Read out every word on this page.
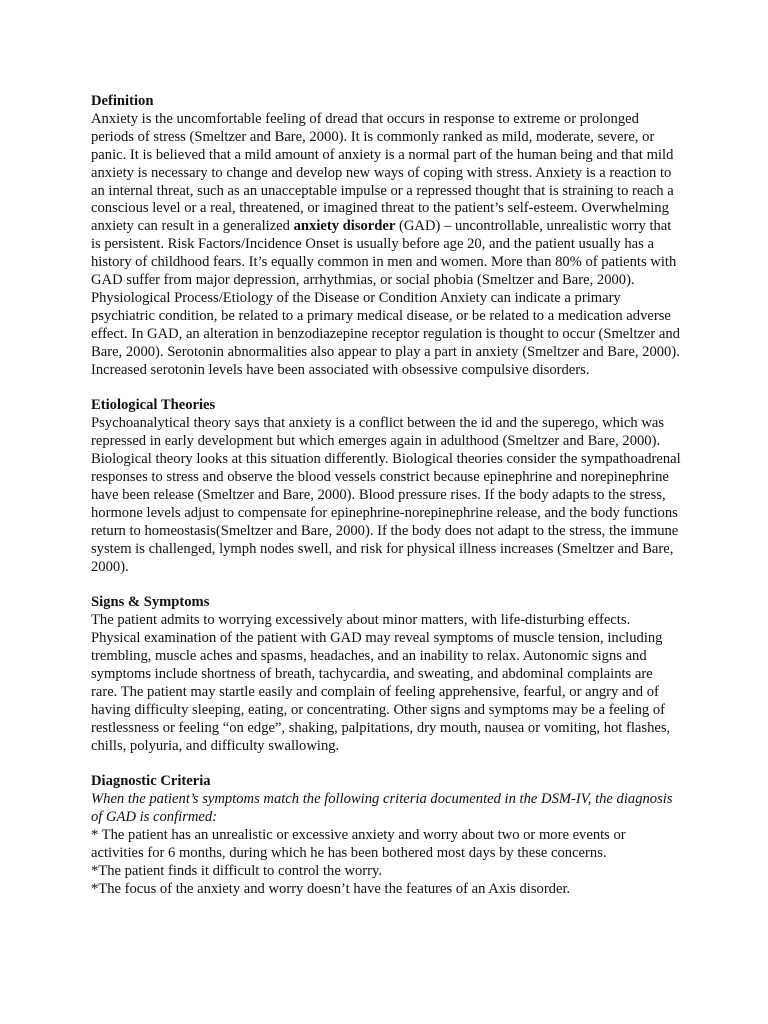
Definition
Anxiety is the uncomfortable feeling of dread that occurs in response to extreme or prolonged periods of stress (Smeltzer and Bare, 2000). It is commonly ranked as mild, moderate, severe, or panic. It is believed that a mild amount of anxiety is a normal part of the human being and that mild anxiety is necessary to change and develop new ways of coping with stress. Anxiety is a reaction to an internal threat, such as an unacceptable impulse or a repressed thought that is straining to reach a conscious level or a real, threatened, or imagined threat to the patient’s self-esteem. Overwhelming anxiety can result in a generalized anxiety disorder (GAD) – uncontrollable, unrealistic worry that is persistent. Risk Factors/Incidence Onset is usually before age 20, and the patient usually has a history of childhood fears. It’s equally common in men and women. More than 80% of patients with GAD suffer from major depression, arrhythmias, or social phobia (Smeltzer and Bare, 2000). Physiological Process/Etiology of the Disease or Condition Anxiety can indicate a primary psychiatric condition, be related to a primary medical disease, or be related to a medication adverse effect. In GAD, an alteration in benzodiazepine receptor regulation is thought to occur (Smeltzer and Bare, 2000). Serotonin abnormalities also appear to play a part in anxiety (Smeltzer and Bare, 2000). Increased serotonin levels have been associated with obsessive compulsive disorders.
Etiological Theories
Psychoanalytical theory says that anxiety is a conflict between the id and the superego, which was repressed in early development but which emerges again in adulthood (Smeltzer and Bare, 2000). Biological theory looks at this situation differently. Biological theories consider the sympathoadrenal responses to stress and observe the blood vessels constrict because epinephrine and norepinephrine have been release (Smeltzer and Bare, 2000). Blood pressure rises. If the body adapts to the stress, hormone levels adjust to compensate for epinephrine-norepinephrine release, and the body functions return to homeostasis(Smeltzer and Bare, 2000). If the body does not adapt to the stress, the immune system is challenged, lymph nodes swell, and risk for physical illness increases (Smeltzer and Bare, 2000).
Signs & Symptoms
The patient admits to worrying excessively about minor matters, with life-disturbing effects. Physical examination of the patient with GAD may reveal symptoms of muscle tension, including trembling, muscle aches and spasms, headaches, and an inability to relax. Autonomic signs and symptoms include shortness of breath, tachycardia, and sweating, and abdominal complaints are rare. The patient may startle easily and complain of feeling apprehensive, fearful, or angry and of having difficulty sleeping, eating, or concentrating. Other signs and symptoms may be a feeling of restlessness or feeling “on edge”, shaking, palpitations, dry mouth, nausea or vomiting, hot flashes, chills, polyuria, and difficulty swallowing.
Diagnostic Criteria
When the patient’s symptoms match the following criteria documented in the DSM-IV, the diagnosis of GAD is confirmed:
* The patient has an unrealistic or excessive anxiety and worry about two or more events or activities for 6 months, during which he has been bothered most days by these concerns.
*The patient finds it difficult to control the worry.
*The focus of the anxiety and worry doesn’t have the features of an Axis disorder.
